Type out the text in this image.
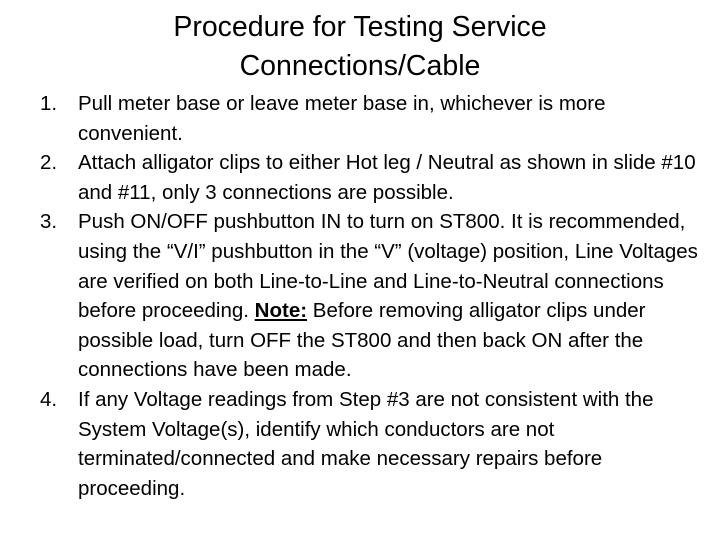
Procedure for Testing Service
Connections/Cable
1. Pull meter base or leave meter base in, whichever is more convenient.
2. Attach alligator clips to either Hot leg / Neutral as shown in slide #10 and #11, only 3 connections are possible.
3. Push ON/OFF pushbutton IN to turn on ST800. It is recommended, using the “V/I” pushbutton in the “V” (voltage) position, Line Voltages are verified on both Line-to-Line and Line-to-Neutral connections before proceeding. Note: Before removing alligator clips under possible load, turn OFF the ST800 and then back ON after the connections have been made.
4. If any Voltage readings from Step #3 are not consistent with the System Voltage(s), identify which conductors are not terminated/connected and make necessary repairs before proceeding.
